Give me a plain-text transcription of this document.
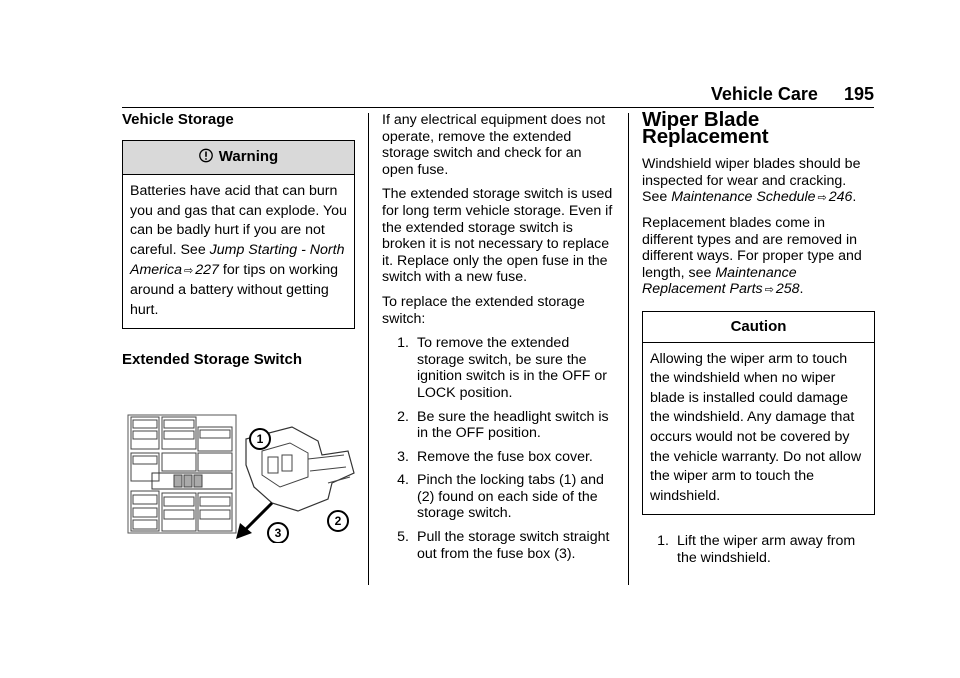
Vehicle Care 195
Vehicle Storage
Warning
Batteries have acid that can burn you and gas that can explode. You can be badly hurt if you are not careful. See Jump Starting - North America ⇨ 227 for tips on working around a battery without getting hurt.
Extended Storage Switch
1
2
3

If any electrical equipment does not operate, remove the extended storage switch and check for an open fuse.

The extended storage switch is used for long term vehicle storage. Even if the extended storage switch is broken it is not necessary to replace it. Replace only the open fuse in the switch with a new fuse.

To replace the extended storage switch:

1. To remove the extended storage switch, be sure the ignition switch is in the OFF or LOCK position.
2. Be sure the headlight switch is in the OFF position.
3. Remove the fuse box cover.
4. Pinch the locking tabs (1) and (2) found on each side of the storage switch.
5. Pull the storage switch straight out from the fuse box (3).
Wiper Blade Replacement

Windshield wiper blades should be inspected for wear and cracking. See Maintenance Schedule ⇨ 246.

Replacement blades come in different types and are removed in different ways. For proper type and length, see Maintenance Replacement Parts ⇨ 258.

Caution
Allowing the wiper arm to touch the windshield when no wiper blade is installed could damage the windshield. Any damage that occurs would not be covered by the vehicle warranty. Do not allow the wiper arm to touch the windshield.
1. Lift the wiper arm away from the windshield.
